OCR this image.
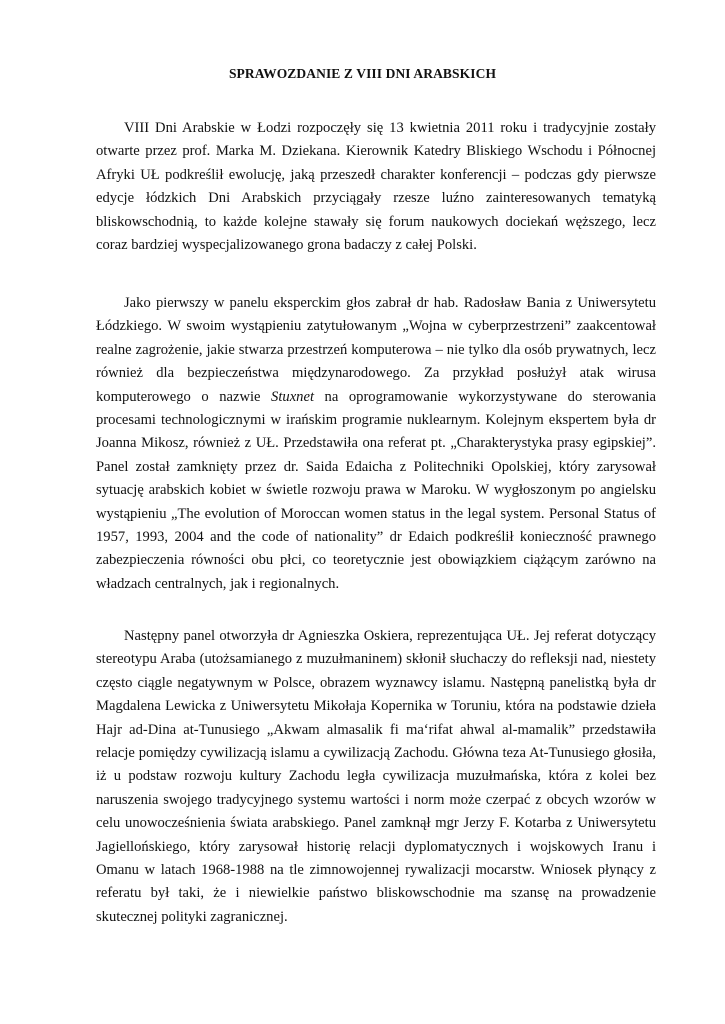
SPRAWOZDANIE Z VIII DNI ARABSKICH

VIII Dni Arabskie w Łodzi rozpoczęły się 13 kwietnia 2011 roku i tradycyjnie zostały otwarte przez prof. Marka M. Dziekana. Kierownik Katedry Bliskiego Wschodu i Północnej Afryki UŁ podkreślił ewolucję, jaką przeszedł charakter konferencji – podczas gdy pierwsze edycje łódzkich Dni Arabskich przyciągały rzesze luźno zainteresowanych tematyką bliskowschodnią, to każde kolejne stawały się forum naukowych dociekań węższego, lecz coraz bardziej wyspecjalizowanego grona badaczy z całej Polski.

Jako pierwszy w panelu eksperckim głos zabrał dr hab. Radosław Bania z Uniwersytetu Łódzkiego. W swoim wystąpieniu zatytułowanym „Wojna w cyberprzestrzeni” zaakcentował realne zagrożenie, jakie stwarza przestrzeń komputerowa – nie tylko dla osób prywatnych, lecz również dla bezpieczeństwa międzynarodowego. Za przykład posłużył atak wirusa komputerowego o nazwie Stuxnet na oprogramowanie wykorzystywane do sterowania procesami technologicznymi w irańskim programie nuklearnym. Kolejnym ekspertem była dr Joanna Mikosz, również z UŁ. Przedstawiła ona referat pt. „Charakterystyka prasy egipskiej”. Panel został zamknięty przez dr. Saida Edaicha z Politechniki Opolskiej, który zarysował sytuację arabskich kobiet w świetle rozwoju prawa w Maroku. W wygłoszonym po angielsku wystąpieniu „The evolution of Moroccan women status in the legal system. Personal Status of 1957, 1993, 2004 and the code of nationality” dr Edaich podkreślił konieczność prawnego zabezpieczenia równości obu płci, co teoretycznie jest obowiązkiem ciążącym zarówno na władzach centralnych, jak i regionalnych.

Następny panel otworzyła dr Agnieszka Oskiera, reprezentująca UŁ. Jej referat dotyczący stereotypu Araba (utożsamianego z muzułmaninem) skłonił słuchaczy do refleksji nad, niestety często ciągle negatywnym w Polsce, obrazem wyznawcy islamu. Następną panelistką była dr Magdalena Lewicka z Uniwersytetu Mikołaja Kopernika w Toruniu, która na podstawie dzieła Hajr ad-Dina at-Tunusiego „Akwam almasalik fi ma‘rifat ahwal al-mamalik” przedstawiła relacje pomiędzy cywilizacją islamu a cywilizacją Zachodu. Główna teza At-Tunusiego głosiła, iż u podstaw rozwoju kultury Zachodu legła cywilizacja muzułmańska, która z kolei bez naruszenia swojego tradycyjnego systemu wartości i norm może czerpać z obcych wzorów w celu unowocześnienia świata arabskiego. Panel zamknął mgr Jerzy F. Kotarba z Uniwersytetu Jagiellońskiego, który zarysował historię relacji dyplomatycznych i wojskowych Iranu i Omanu w latach 1968-1988 na tle zimnowojennej rywalizacji mocarstw. Wniosek płynący z referatu był taki, że i niewielkie państwo bliskowschodnie ma szansę na prowadzenie skutecznej polityki zagranicznej.
